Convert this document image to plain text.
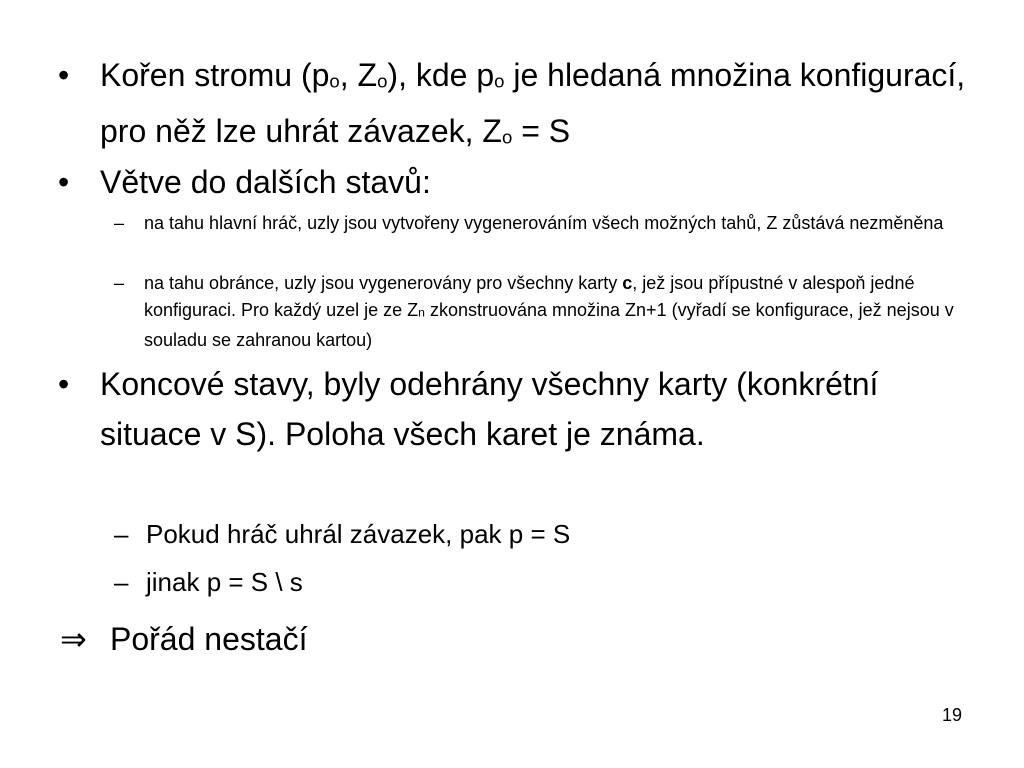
• Kořen stromu (po, Zo), kde po je hledaná množina konfigurací, pro něž lze uhrát závazek, Zo = S
• Větve do dalších stavů:
– na tahu hlavní hráč, uzly jsou vytvořeny vygenerováním všech možných tahů, Z zůstává nezměněna
– na tahu obránce, uzly jsou vygenerovány pro všechny karty c, jež jsou přípustné v alespoň jedné konfiguraci. Pro každý uzel je ze Zn zkonstruována množina Zn+1 (vyřadí se konfigurace, jež nejsou v souladu se zahranou kartou)
• Koncové stavy, byly odehrány všechny karty (konkrétní situace v S). Poloha všech karet je známa.
– Pokud hráč uhrál závazek, pak p = S
– jinak p = S \ s
⇒ Pořád nestačí
19
